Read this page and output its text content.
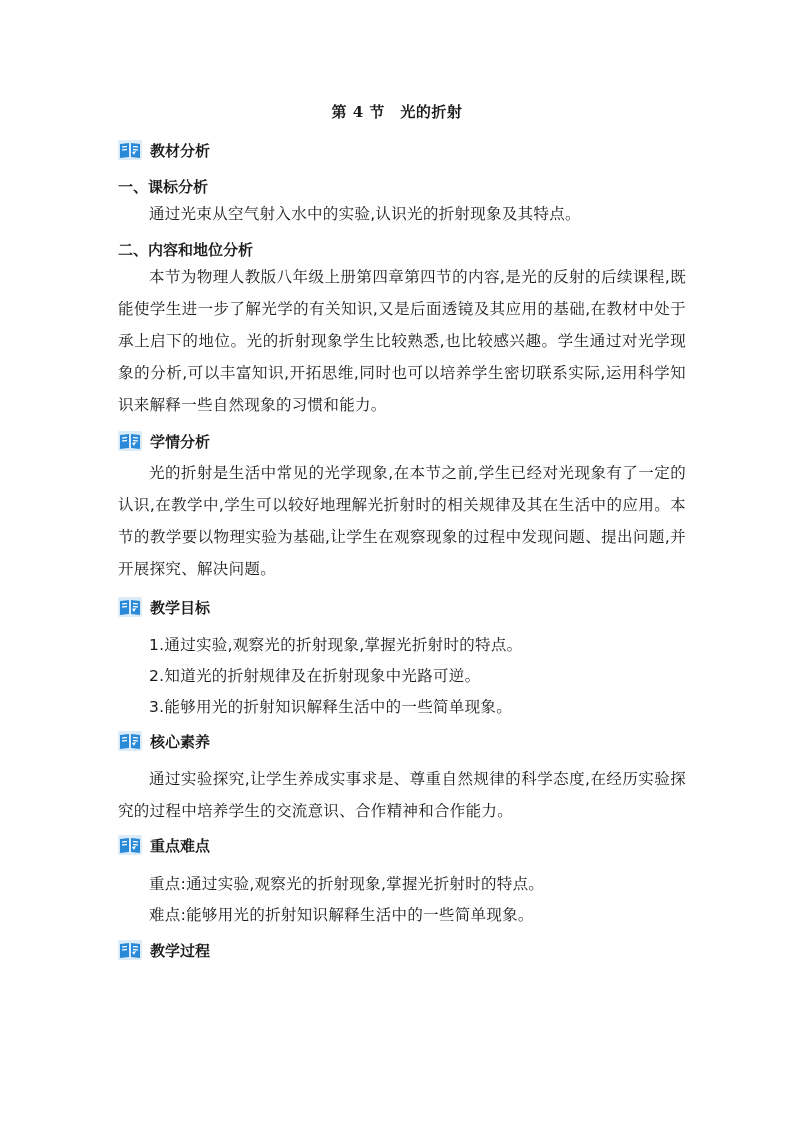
第 4 节　光的折射
教材分析
一、课标分析
通过光束从空气射入水中的实验,认识光的折射现象及其特点。
二、内容和地位分析
本节为物理人教版八年级上册第四章第四节的内容,是光的反射的后续课程,既能使学生进一步了解光学的有关知识,又是后面透镜及其应用的基础,在教材中处于承上启下的地位。光的折射现象学生比较熟悉,也比较感兴趣。学生通过对光学现象的分析,可以丰富知识,开拓思维,同时也可以培养学生密切联系实际,运用科学知识来解释一些自然现象的习惯和能力。
学情分析
光的折射是生活中常见的光学现象,在本节之前,学生已经对光现象有了一定的认识,在教学中,学生可以较好地理解光折射时的相关规律及其在生活中的应用。本节的教学要以物理实验为基础,让学生在观察现象的过程中发现问题、提出问题,并开展探究、解决问题。
教学目标
1.通过实验,观察光的折射现象,掌握光折射时的特点。
2.知道光的折射规律及在折射现象中光路可逆。
3.能够用光的折射知识解释生活中的一些简单现象。
核心素养
通过实验探究,让学生养成实事求是、尊重自然规律的科学态度,在经历实验探究的过程中培养学生的交流意识、合作精神和合作能力。
重点难点
重点:通过实验,观察光的折射现象,掌握光折射时的特点。
难点:能够用光的折射知识解释生活中的一些简单现象。
教学过程
